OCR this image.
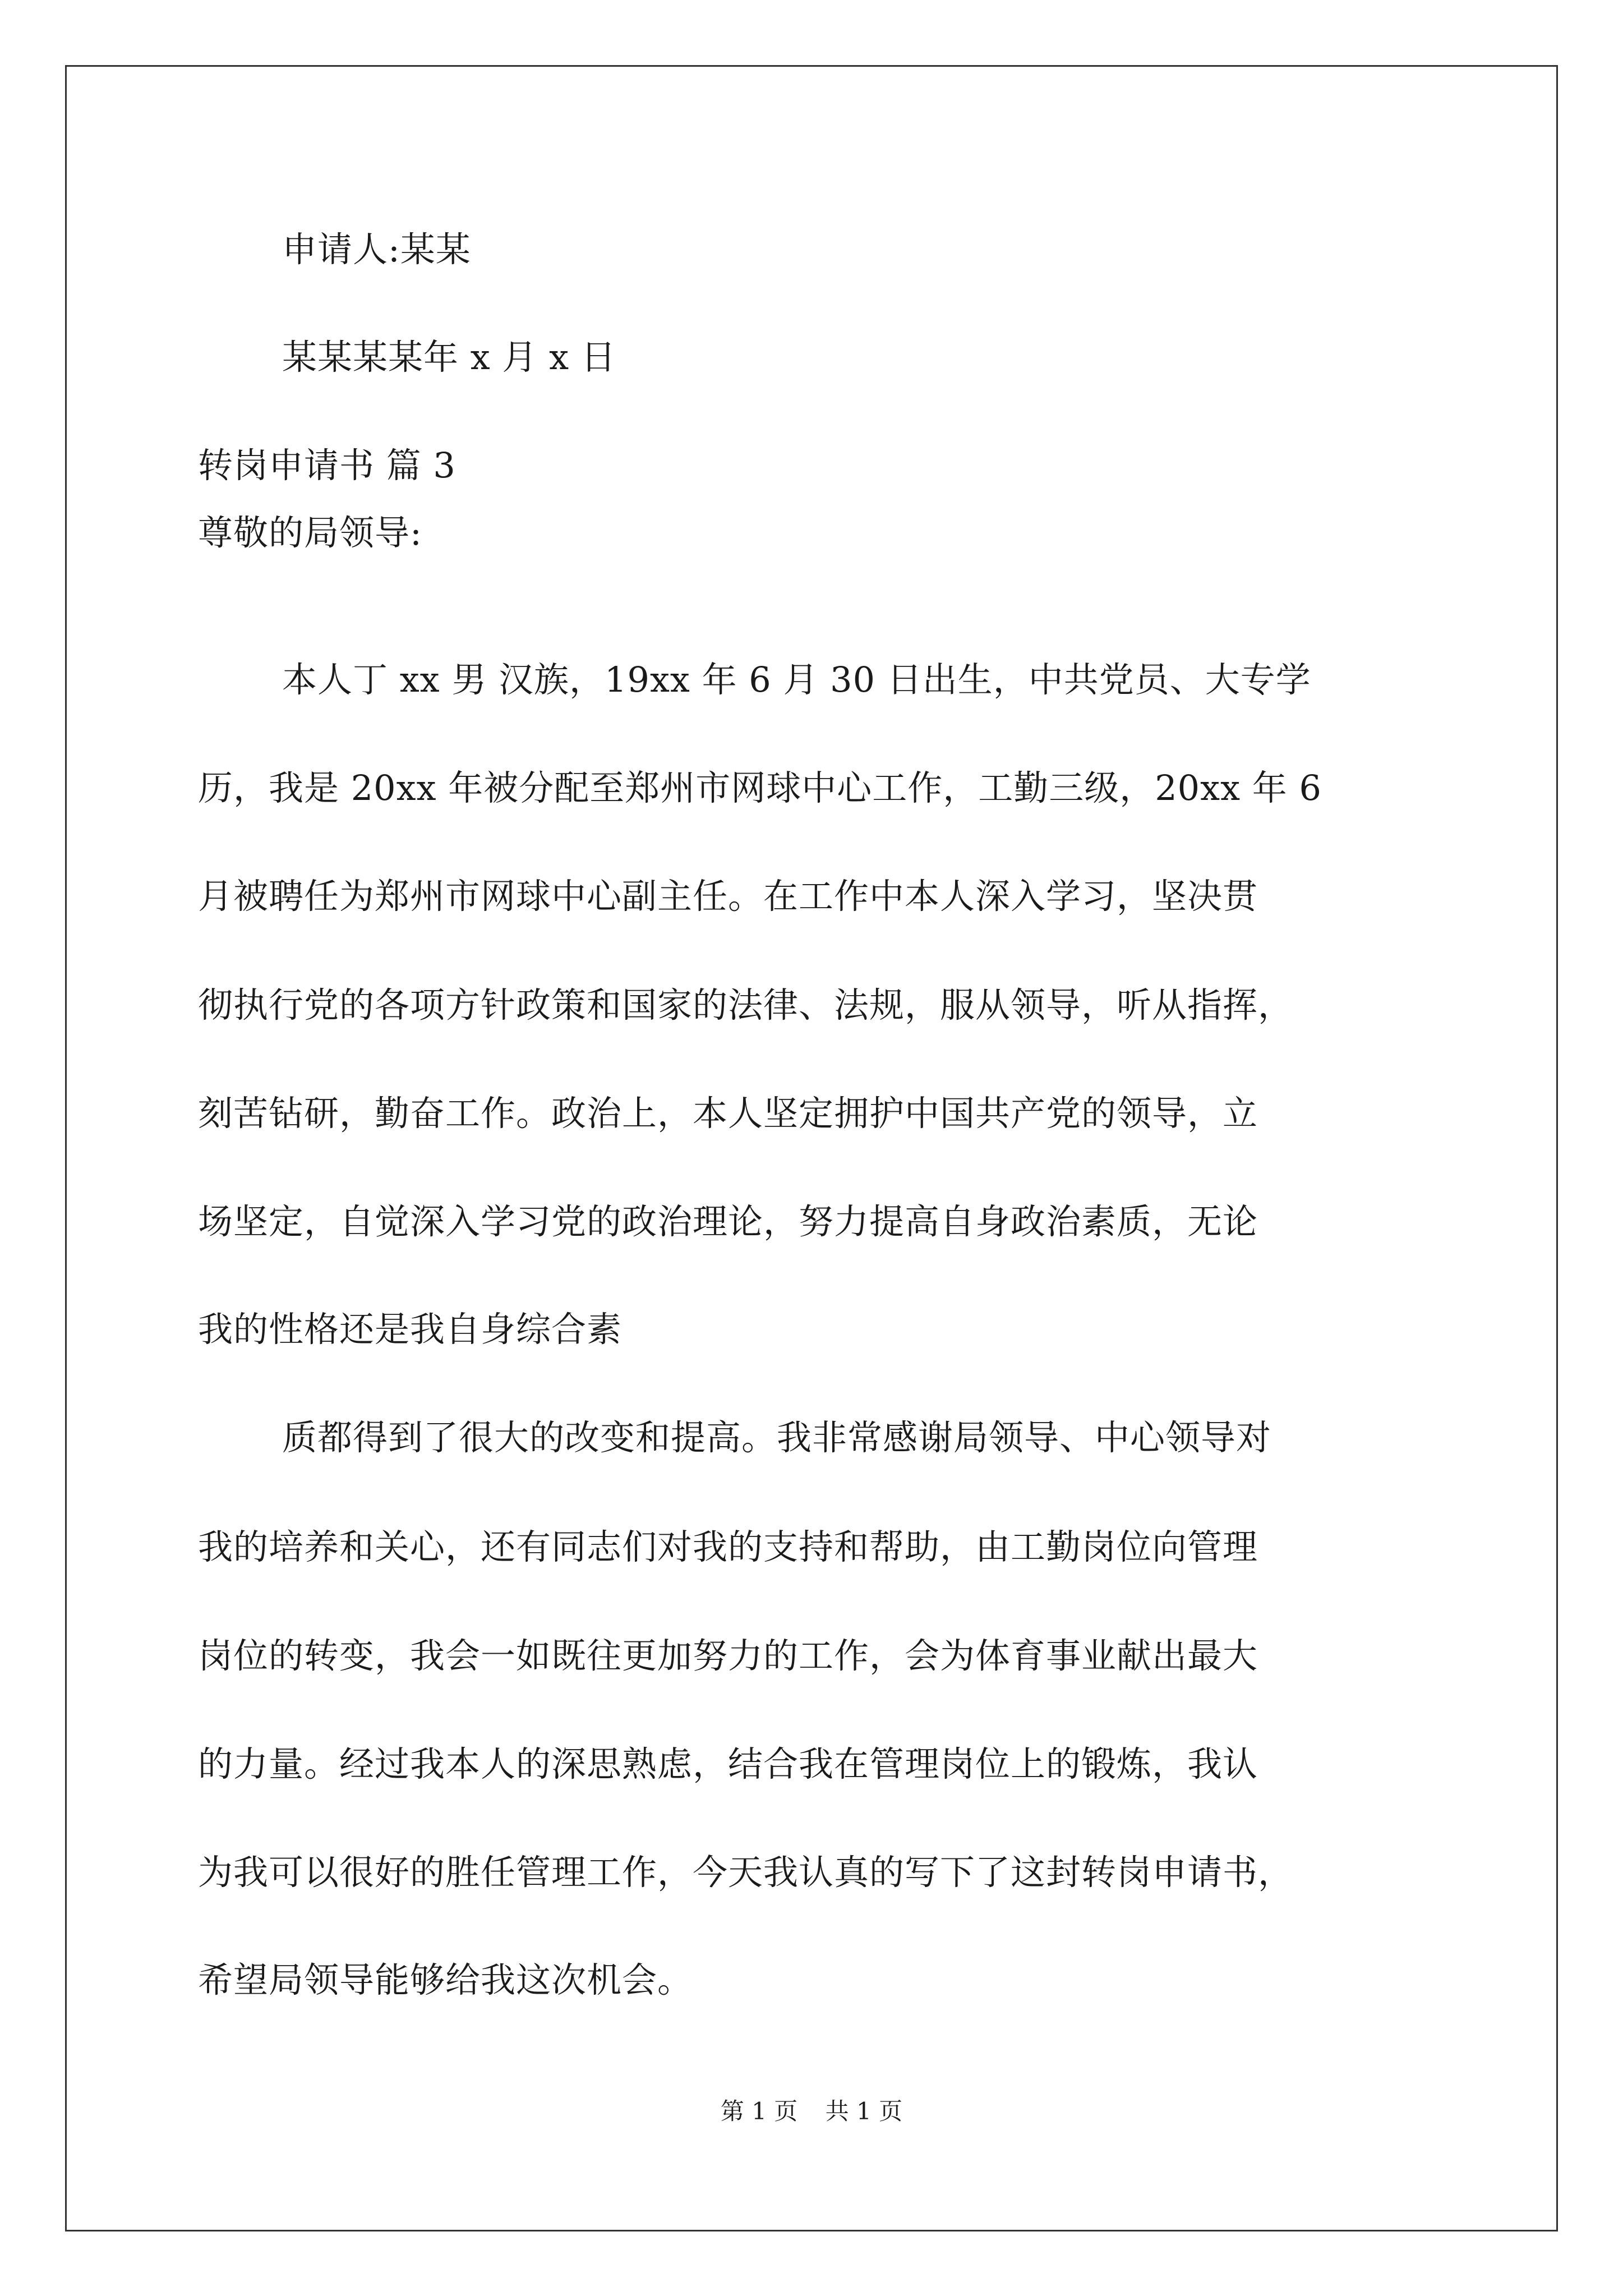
申请人:某某
某某某某年 x 月 x 日
转岗申请书 篇 3
尊敬的局领导:
本人丁 xx 男 汉族，19xx 年 6 月 30 日出生，中共党员、大专学
历，我是 20xx 年被分配至郑州市网球中心工作，工勤三级，20xx 年 6
月被聘任为郑州市网球中心副主任。在工作中本人深入学习，坚决贯
彻执行党的各项方针政策和国家的法律、法规，服从领导，听从指挥，
刻苦钻研，勤奋工作。政治上，本人坚定拥护中国共产党的领导，立
场坚定，自觉深入学习党的政治理论，努力提高自身政治素质，无论
我的性格还是我自身综合素
质都得到了很大的改变和提高。我非常感谢局领导、中心领导对
我的培养和关心，还有同志们对我的支持和帮助，由工勤岗位向管理
岗位的转变，我会一如既往更加努力的工作，会为体育事业献出最大
的力量。经过我本人的深思熟虑，结合我在管理岗位上的锻炼，我认
为我可以很好的胜任管理工作，今天我认真的写下了这封转岗申请书，
希望局领导能够给我这次机会。
第 1 页 共 1 页
